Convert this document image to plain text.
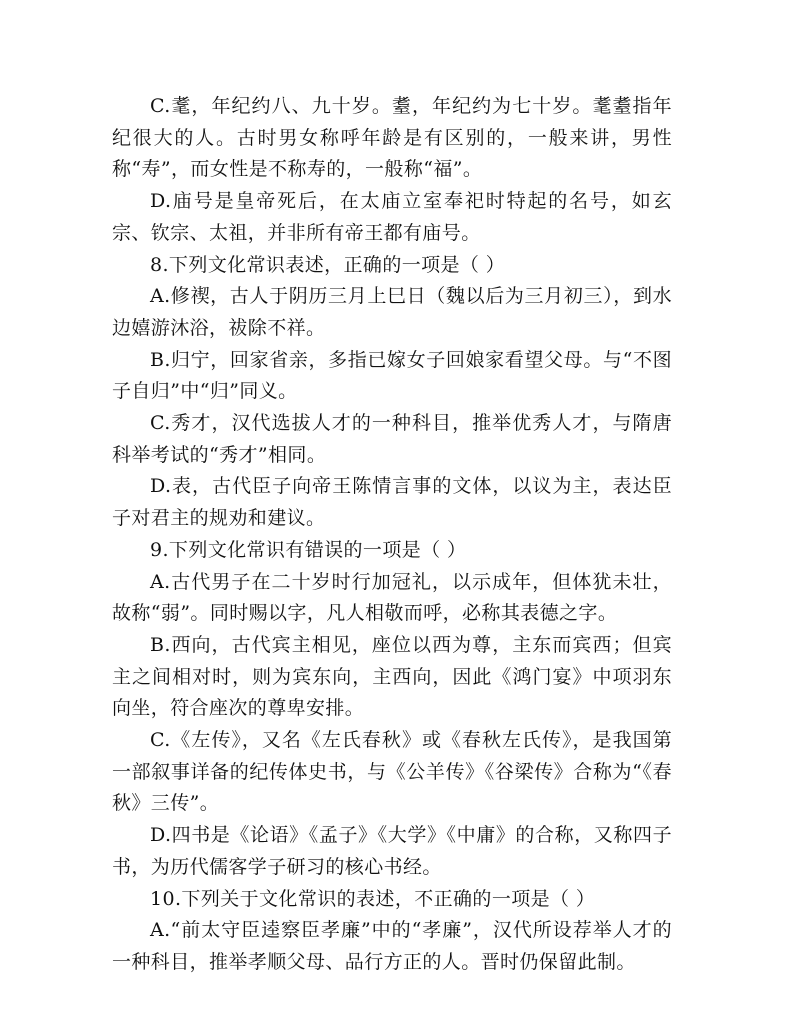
C.耄，年纪约八、九十岁。耋，年纪约为七十岁。耄耋指年纪很大的人。古时男女称呼年龄是有区别的，一般来讲，男性称“寿”，而女性是不称寿的，一般称“福”。

D.庙号是皇帝死后，在太庙立室奉祀时特起的名号，如玄宗、钦宗、太祖，并非所有帝王都有庙号。

8.下列文化常识表述，正确的一项是（ ）

A.修禊，古人于阴历三月上巳日（魏以后为三月初三），到水边嬉游沐浴，祓除不祥。

B.归宁，回家省亲，多指已嫁女子回娘家看望父母。与“不图子自归”中“归”同义。

C.秀才，汉代选拔人才的一种科目，推举优秀人才，与隋唐科举考试的“秀才”相同。

D.表，古代臣子向帝王陈情言事的文体，以议为主，表达臣子对君主的规劝和建议。

9.下列文化常识有错误的一项是（ ）

A.古代男子在二十岁时行加冠礼，以示成年，但体犹未壮，故称“弱”。同时赐以字，凡人相敬而呼，必称其表德之字。

B.西向，古代宾主相见，座位以西为尊，主东而宾西；但宾主之间相对时，则为宾东向，主西向，因此《鸿门宴》中项羽东向坐，符合座次的尊卑安排。

C.《左传》，又名《左氏春秋》或《春秋左氏传》，是我国第一部叙事详备的纪传体史书，与《公羊传》《谷梁传》合称为“《春秋》三传”。

D.四书是《论语》《孟子》《大学》《中庸》的合称，又称四子书，为历代儒客学子研习的核心书经。

10.下列关于文化常识的表述，不正确的一项是（ ）

A.“前太守臣逵察臣孝廉”中的“孝廉”，汉代所设荐举人才的一种科目，推举孝顺父母、品行方正的人。晋时仍保留此制。
